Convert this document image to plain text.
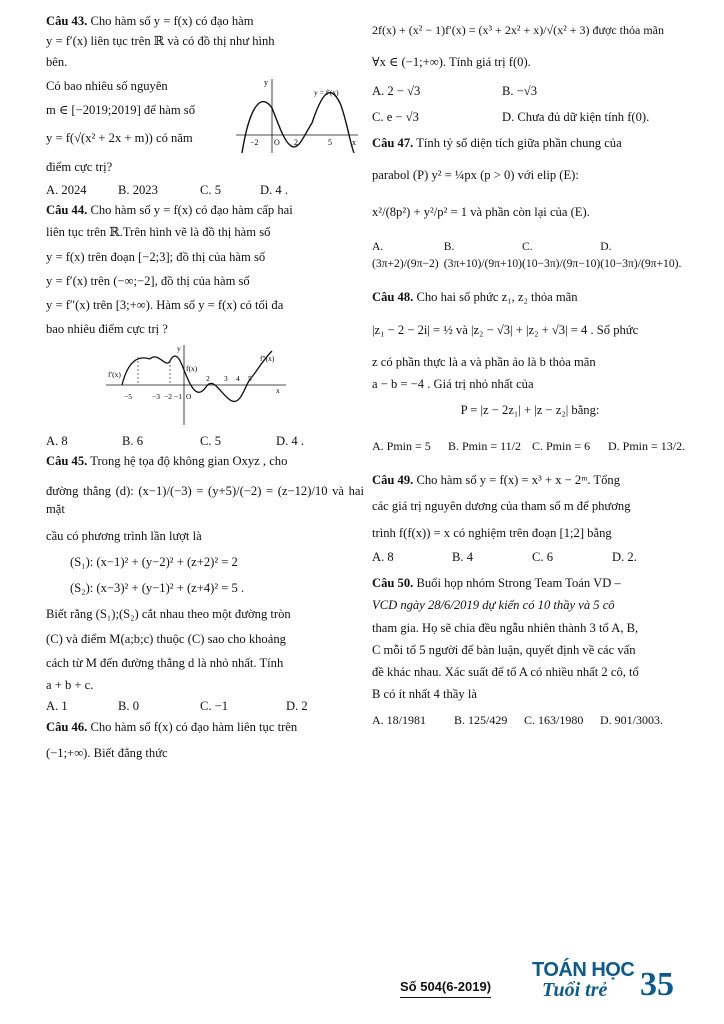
Câu 43. Cho hàm số y = f(x) có đạo hàm

y = f′(x) liên tục trên ℝ và có đồ thị như hình

bên.

Có bao nhiêu số nguyên

m ∈ [−2019;2019] để hàm số

y = f(√(x² + 2x + m)) có năm

điểm cực trị?

−2 O 2	5	x
y
y = f′(x)
A. 2024	B. 2023	C. 5	D. 4 .

Câu 44. Cho hàm số y = f(x) có đạo hàm cấp hai

liên tục trên ℝ.Trên hình vẽ là đồ thị hàm số

y = f(x) trên đoạn [−2;3]; đồ thị của hàm số

y = f′(x) trên (−∞;−2], đồ thị của hàm số

y = f″(x) trên [3;+∞). Hàm số y = f(x) có tối đa

bao nhiêu điểm cực trị ?

−5	−3 −2 −1 O
2 3 4 5
x
y
f′(x)
f(x)
f″(x)
A. 8	B. 6	C. 5	D. 4 .

Câu 45. Trong hệ tọa độ không gian Oxyz , cho

đường thẳng (d): (x−1)/(−3) = (y+5)/(−2) = (z−12)/10 và hai mặt

cầu có phương trình lần lượt là

(S₁): (x−1)² + (y−2)² + (z+2)² = 2

(S₂): (x−3)² + (y−1)² + (z+4)² = 5 .

Biết rằng (S₁);(S₂) cắt nhau theo một đường tròn

(C) và điểm M(a;b;c) thuộc (C) sao cho khoảng

cách từ M đến đường thẳng d là nhỏ nhất. Tính

a + b + c.

A. 1	B. 0	C. −1	D. 2

Câu 46. Cho hàm số f(x) có đạo hàm liên tục trên

(−1;+∞). Biết đẳng thức

2f(x) + (x² − 1)f′(x) = (x³ + 2x² + x)/√(x² + 3) được thỏa mãn

∀x ∈ (−1;+∞). Tính giá trị f(0).

A. 2 − √3	B. −√3
C. e − √3	D. Chưa đủ dữ kiện tính f(0).

Câu 47. Tính tỷ số diện tích giữa phần chung của

parabol (P) y² = ¼px (p > 0) với elip (E):

x²/(8p²) + y²/p² = 1 và phần còn lại của (E).

A. (3π+2)/(9π−2)
B. (3π+10)/(9π+10)
C. (10−3π)/(9π−10)
D. (10−3π)/(9π+10).

Câu 48. Cho hai số phức z₁, z₂ thỏa mãn

|z₁ − 2 − 2i| = ½ và |z₂ − √3| + |z₂ + √3| = 4 . Số phức

z có phần thực là a và phần ảo là b thỏa mãn

a − b = −4 . Giá trị nhỏ nhất của

P = |z − 2z₁| + |z − z₂| bằng:

A. Pmin = 5	B. Pmin = 11/2 C. Pmin = 6	D. Pmin = 13/2.

Câu 49. Cho hàm số y = f(x) = x³ + x − 2ᵐ. Tổng

các giá trị nguyên dương của tham số m để phương

trình f(f(x)) = x có nghiệm trên đoạn [1;2] bằng

A. 8	B. 4	C. 6	D. 2.

Câu 50. Buổi họp nhóm Strong Team Toán VD –

VCD ngày 28/6/2019 dự kiến có 10 thầy và 5 cô

tham gia. Họ sẽ chia đều ngẫu nhiên thành 3 tổ A, B,

C mỗi tổ 5 người để bàn luận, quyết định về các vấn

đề khác nhau. Xác suất để tổ A có nhiều nhất 2 cô, tổ

B có ít nhất 4 thầy là

A. 18/1981	B. 125/429	C. 163/1980	D. 901/3003.
Số 504(6-2019)
TOÁN HỌC
Tuổi trẻ 35
